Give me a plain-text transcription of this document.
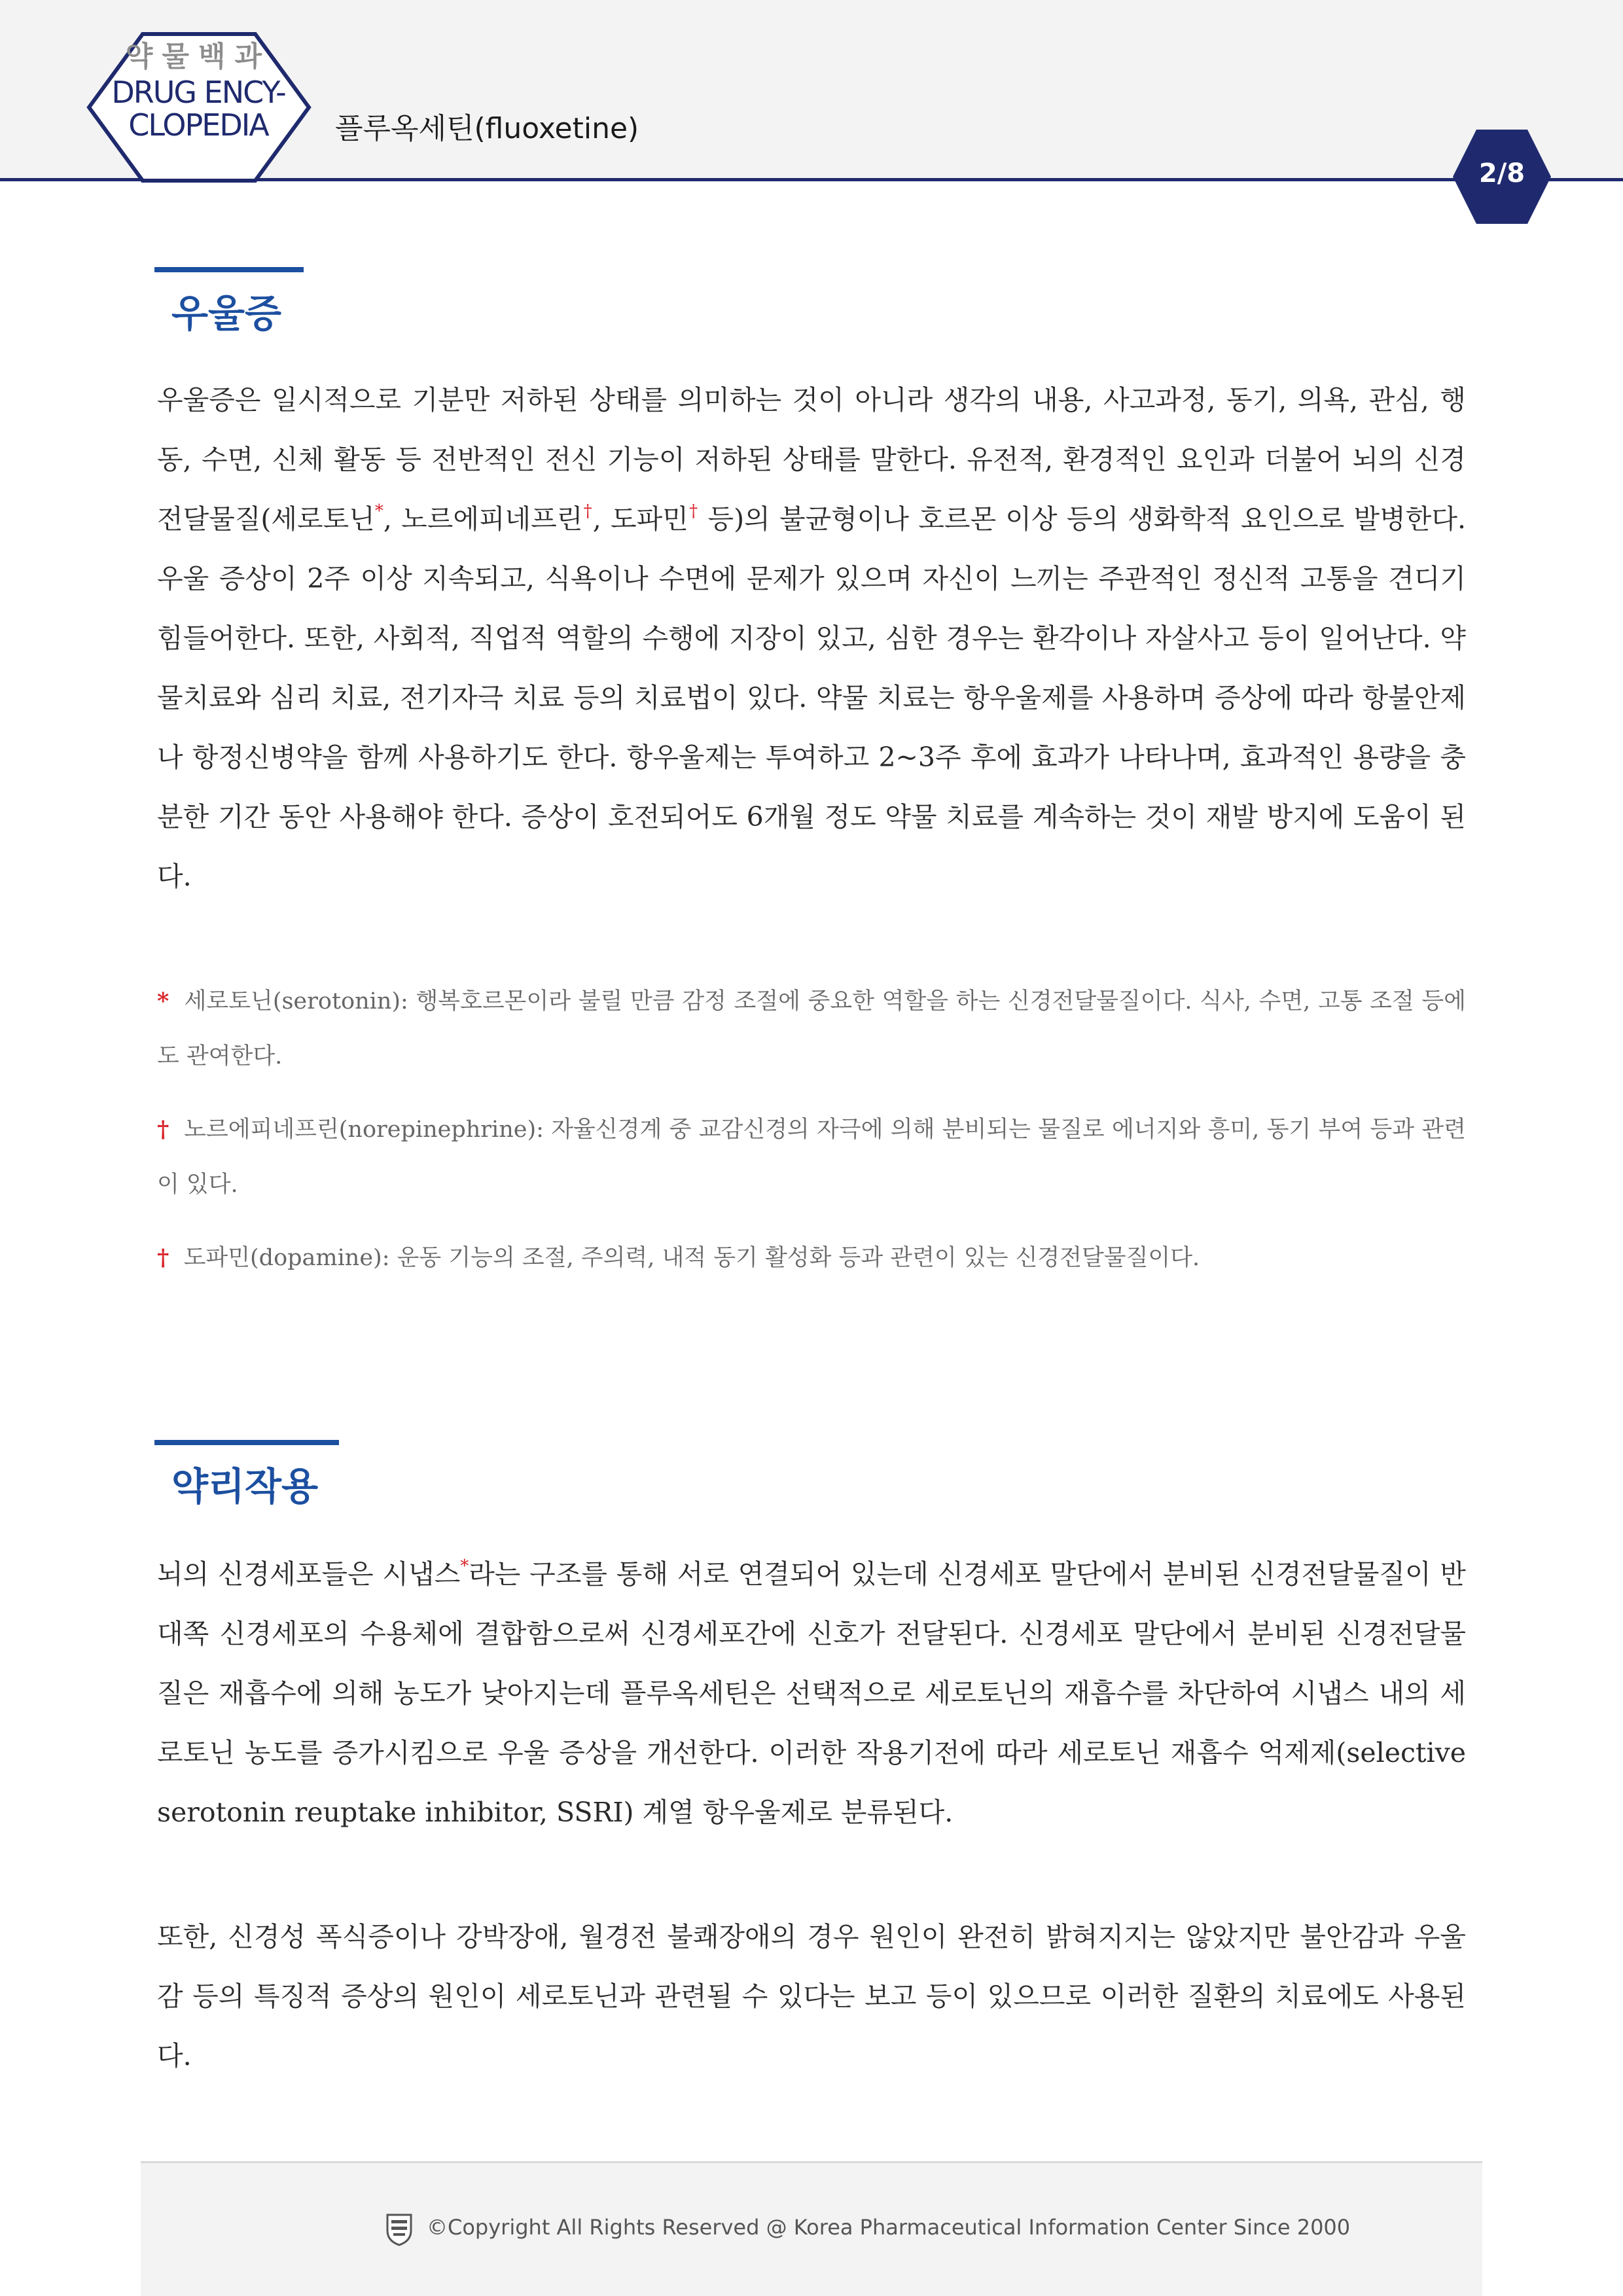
약물백과
DRUG ENCY-
CLOPEDIA	플루옥세틴(fluoxetine)
2/8
우울증

우울증은 일시적으로 기분만 저하된 상태를 의미하는 것이 아니라 생각의 내용, 사고과정, 동기, 의욕, 관심, 행동, 수면, 신체 활동 등 전반적인 전신 기능이 저하된 상태를 말한다. 유전적, 환경적인 요인과 더불어 뇌의 신경전달물질(세로토닌*, 노르에피네프린†, 도파민† 등)의 불균형이나 호르몬 이상 등의 생화학적 요인으로 발병한다. 우울 증상이 2주 이상 지속되고, 식욕이나 수면에 문제가 있으며 자신이 느끼는 주관적인 정신적 고통을 견디기 힘들어한다. 또한, 사회적, 직업적 역할의 수행에 지장이 있고, 심한 경우는 환각이나 자살사고 등이 일어난다. 약물치료와 심리 치료, 전기자극 치료 등의 치료법이 있다. 약물 치료는 항우울제를 사용하며 증상에 따라 항불안제나 항정신병약을 함께 사용하기도 한다. 항우울제는 투여하고 2~3주 후에 효과가 나타나며, 효과적인 용량을 충분한 기간 동안 사용해야 한다. 증상이 호전되어도 6개월 정도 약물 치료를 계속하는 것이 재발 방지에 도움이 된다.

* 세로토닌(serotonin): 행복호르몬이라 불릴 만큼 감정 조절에 중요한 역할을 하는 신경전달물질이다. 식사, 수면, 고통 조절 등에도 관여한다.

† 노르에피네프린(norepinephrine): 자율신경계 중 교감신경의 자극에 의해 분비되는 물질로 에너지와 흥미, 동기 부여 등과 관련이 있다.

† 도파민(dopamine): 운동 기능의 조절, 주의력, 내적 동기 활성화 등과 관련이 있는 신경전달물질이다.

약리작용

뇌의 신경세포들은 시냅스*라는 구조를 통해 서로 연결되어 있는데 신경세포 말단에서 분비된 신경전달물질이 반대쪽 신경세포의 수용체에 결합함으로써 신경세포간에 신호가 전달된다. 신경세포 말단에서 분비된 신경전달물질은 재흡수에 의해 농도가 낮아지는데 플루옥세틴은 선택적으로 세로토닌의 재흡수를 차단하여 시냅스 내의 세로토닌 농도를 증가시킴으로 우울 증상을 개선한다. 이러한 작용기전에 따라 세로토닌 재흡수 억제제(selective serotonin reuptake inhibitor, SSRI) 계열 항우울제로 분류된다.

또한, 신경성 폭식증이나 강박장애, 월경전 불쾌장애의 경우 원인이 완전히 밝혀지지는 않았지만 불안감과 우울감 등의 특징적 증상의 원인이 세로토닌과 관련될 수 있다는 보고 등이 있으므로 이러한 질환의 치료에도 사용된다.

©Copyright All Rights Reserved @ Korea Pharmaceutical Information Center Since 2000
